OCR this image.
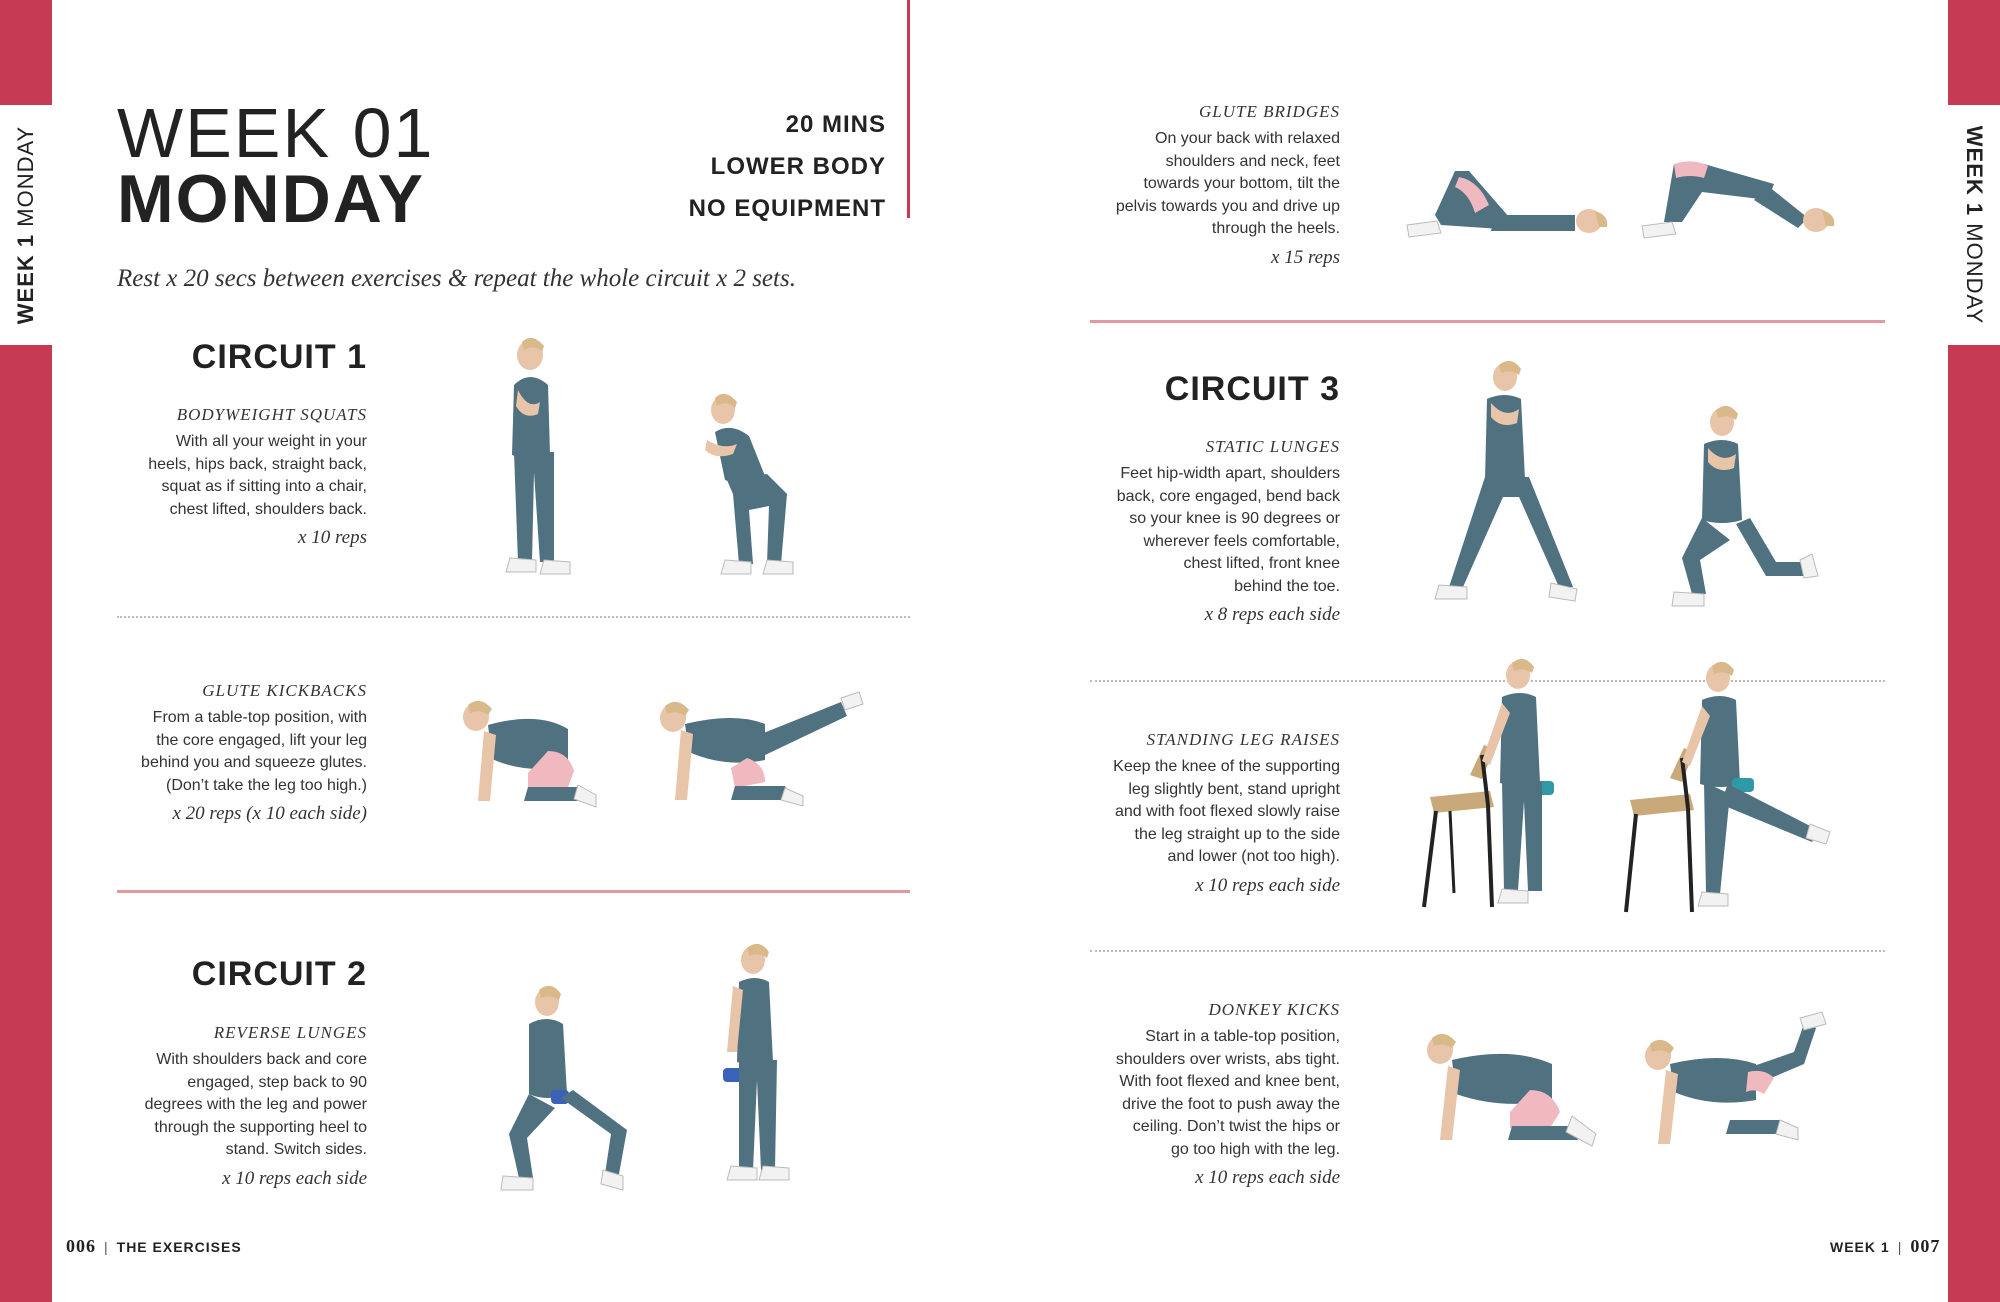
WEEK 1 MONDAY	WEEK 1 MONDAY
WEEK 01
MONDAY
20 MINS
LOWER BODY
NO EQUIPMENT
Rest x 20 secs between exercises & repeat the whole circuit x 2 sets.
CIRCUIT 1
BODYWEIGHT SQUATS
With all your weight in your
heels, hips back, straight back,
squat as if sitting into a chair,
chest lifted, shoulders back.
x 10 reps
GLUTE KICKBACKS
From a table-top position, with
the core engaged, lift your leg
behind you and squeeze glutes.
(Don’t take the leg too high.)
x 20 reps (x 10 each side)
CIRCUIT 2
REVERSE LUNGES
With shoulders back and core
engaged, step back to 90
degrees with the leg and power
through the supporting heel to
stand. Switch sides.
x 10 reps each side
006 | THE EXERCISES
GLUTE BRIDGES
On your back with relaxed
shoulders and neck, feet
towards your bottom, tilt the
pelvis towards you and drive up
through the heels.
x 15 reps
CIRCUIT 3
STATIC LUNGES
Feet hip-width apart, shoulders
back, core engaged, bend back
so your knee is 90 degrees or
wherever feels comfortable,
chest lifted, front knee
behind the toe.
x 8 reps each side
STANDING LEG RAISES
Keep the knee of the supporting
leg slightly bent, stand upright
and with foot flexed slowly raise
the leg straight up to the side
and lower (not too high).
x 10 reps each side
DONKEY KICKS
Start in a table-top position,
shoulders over wrists, abs tight.
With foot flexed and knee bent,
drive the foot to push away the
ceiling. Don’t twist the hips or
go too high with the leg.
x 10 reps each side
WEEK 1 | 007
